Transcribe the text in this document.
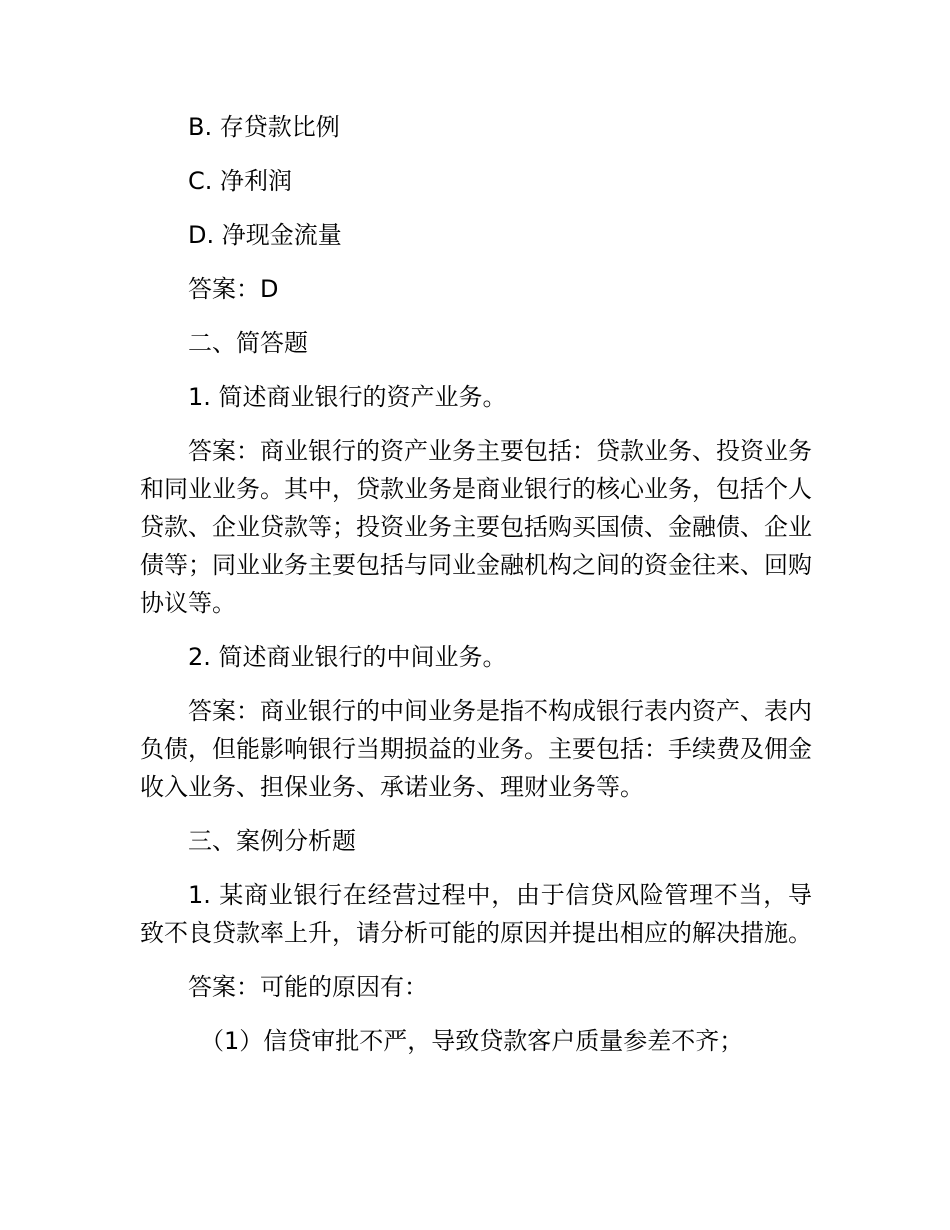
B. 存贷款比例
C. 净利润
D. 净现金流量
答案：D
二、简答题
1. 简述商业银行的资产业务。

答案：商业银行的资产业务主要包括：贷款业务、投资业务和同业业务。其中，贷款业务是商业银行的核心业务，包括个人贷款、企业贷款等；投资业务主要包括购买国债、金融债、企业债等；同业业务主要包括与同业金融机构之间的资金往来、回购协议等。

2. 简述商业银行的中间业务。

答案：商业银行的中间业务是指不构成银行表内资产、表内负债，但能影响银行当期损益的业务。主要包括：手续费及佣金收入业务、担保业务、承诺业务、理财业务等。

三、案例分析题

1. 某商业银行在经营过程中，由于信贷风险管理不当，导致不良贷款率上升，请分析可能的原因并提出相应的解决措施。

答案：可能的原因有：
（1）信贷审批不严，导致贷款客户质量参差不齐；
